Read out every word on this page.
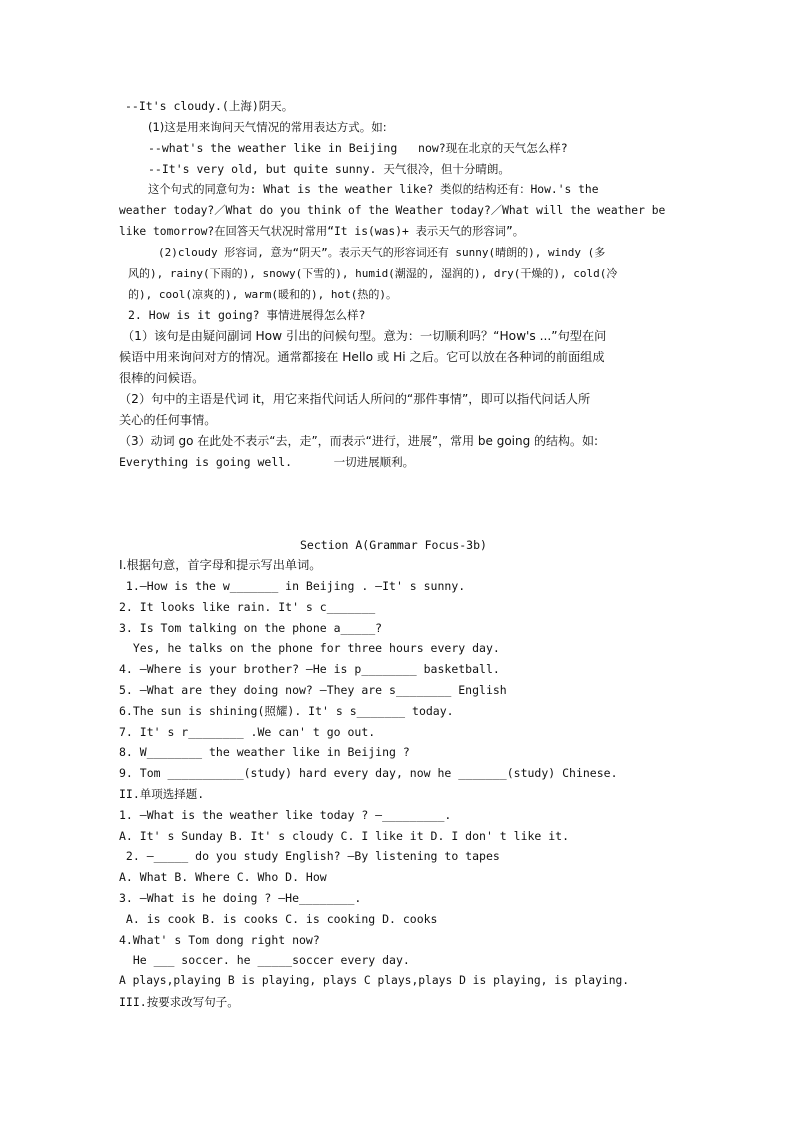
--It's cloudy.(上海)阴天。
(1)这是用来询问天气情况的常用表达方式。如:
--what's the weather like in Beijing   now?现在北京的天气怎么样?
--It's very old, but quite sunny. 天气很冷，但十分晴朗。
这个句式的同意句为: What is the weather like? 类似的结构还有：How.'s the
weather today?／What do you think of the Weather today?／What will the weather be
like tomorrow?在回答天气状况时常用“It is(was)+ 表示天气的形容词”。
(2)cloudy 形容词, 意为“阴天”。表示天气的形容词还有 sunny(晴朗的), windy (多
风的), rainy(下雨的), snowy(下雪的), humid(潮湿的, 湿润的), dry(干燥的), cold(冷
的), cool(凉爽的), warm(暖和的), hot(热的)。
2. How is it going? 事情进展得怎么样?
（1）该句是由疑问副词 How 引出的问候句型。意为：一切顺利吗？“How's ...”句型在问
候语中用来询问对方的情况。通常都接在 Hello 或 Hi 之后。它可以放在各种词的前面组成
很棒的问候语。
（2）句中的主语是代词 it，用它来指代问话人所问的“那件事情”，即可以指代问话人所
关心的任何事情。
（3）动词 go 在此处不表示“去，走”，而表示“进行，进展”，常用 be going 的结构。如:
Everything is going well.      一切进展顺利。
Section A(Grammar Focus-3b)
I.根据句意，首字母和提示写出单词。
1.—How is the w_______ in Beijing . —It' s sunny.
2. It looks like rain. It' s c_______
3. Is Tom talking on the phone a_____?
Yes, he talks on the phone for three hours every day.
4. —Where is your brother? —He is p________ basketball.
5. —What are they doing now? —They are s________ English
6.The sun is shining(照耀). It' s s_______ today.
7. It' s r________ .We can' t go out.
8. W________ the weather like in Beijing ?
9. Tom ___________(study) hard every day, now he _______(study) Chinese.
II.单项选择题.
1. —What is the weather like today ? —_________.
A. It' s Sunday B. It' s cloudy C. I like it D. I don' t like it.
2. —_____ do you study English? —By listening to tapes
A. What B. Where C. Who D. How
3. —What is he doing ? —He________.
A. is cook B. is cooks C. is cooking D. cooks
4.What' s Tom dong right now?
He ___ soccer. he _____soccer every day.
A plays,playing B is playing, plays C plays,plays D is playing, is playing.
III.按要求改写句子。
